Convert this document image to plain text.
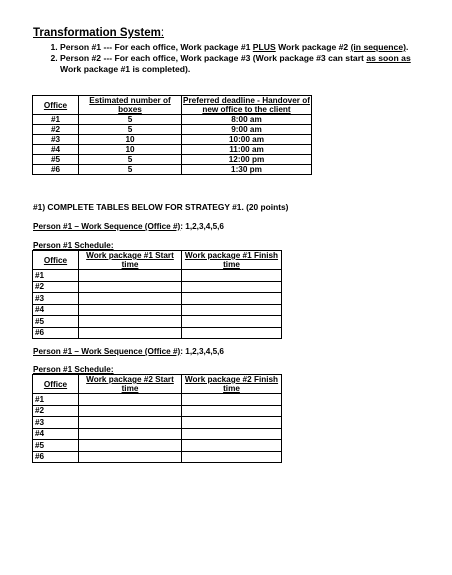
Transformation System:
1. Person #1 --- For each office, Work package #1 PLUS Work package #2 (in sequence).
2. Person #2 --- For each office, Work package #3 (Work package #3 can start as soon as Work package #1 is completed).
Office	Estimated number of boxes	Preferred deadline - Handover of new office to the client
#1	5	8:00 am
#2	5	9:00 am
#3	10	10:00 am
#4	10	11:00 am
#5	5	12:00 pm
#6	5	1:30 pm
#1) COMPLETE TABLES BELOW FOR STRATEGY #1. (20 points)
Person #1 – Work Sequence (Office #): 1,2,3,4,5,6
Person #1 Schedule:
Office	Work package #1 Start time	Work package #1 Finish time
#1		
#2		
#3		
#4		
#5		
#6		
Person #1 – Work Sequence (Office #): 1,2,3,4,5,6
Person #1 Schedule:
Office	Work package #2 Start time	Work package #2 Finish time
#1		
#2		
#3		
#4		
#5		
#6		
